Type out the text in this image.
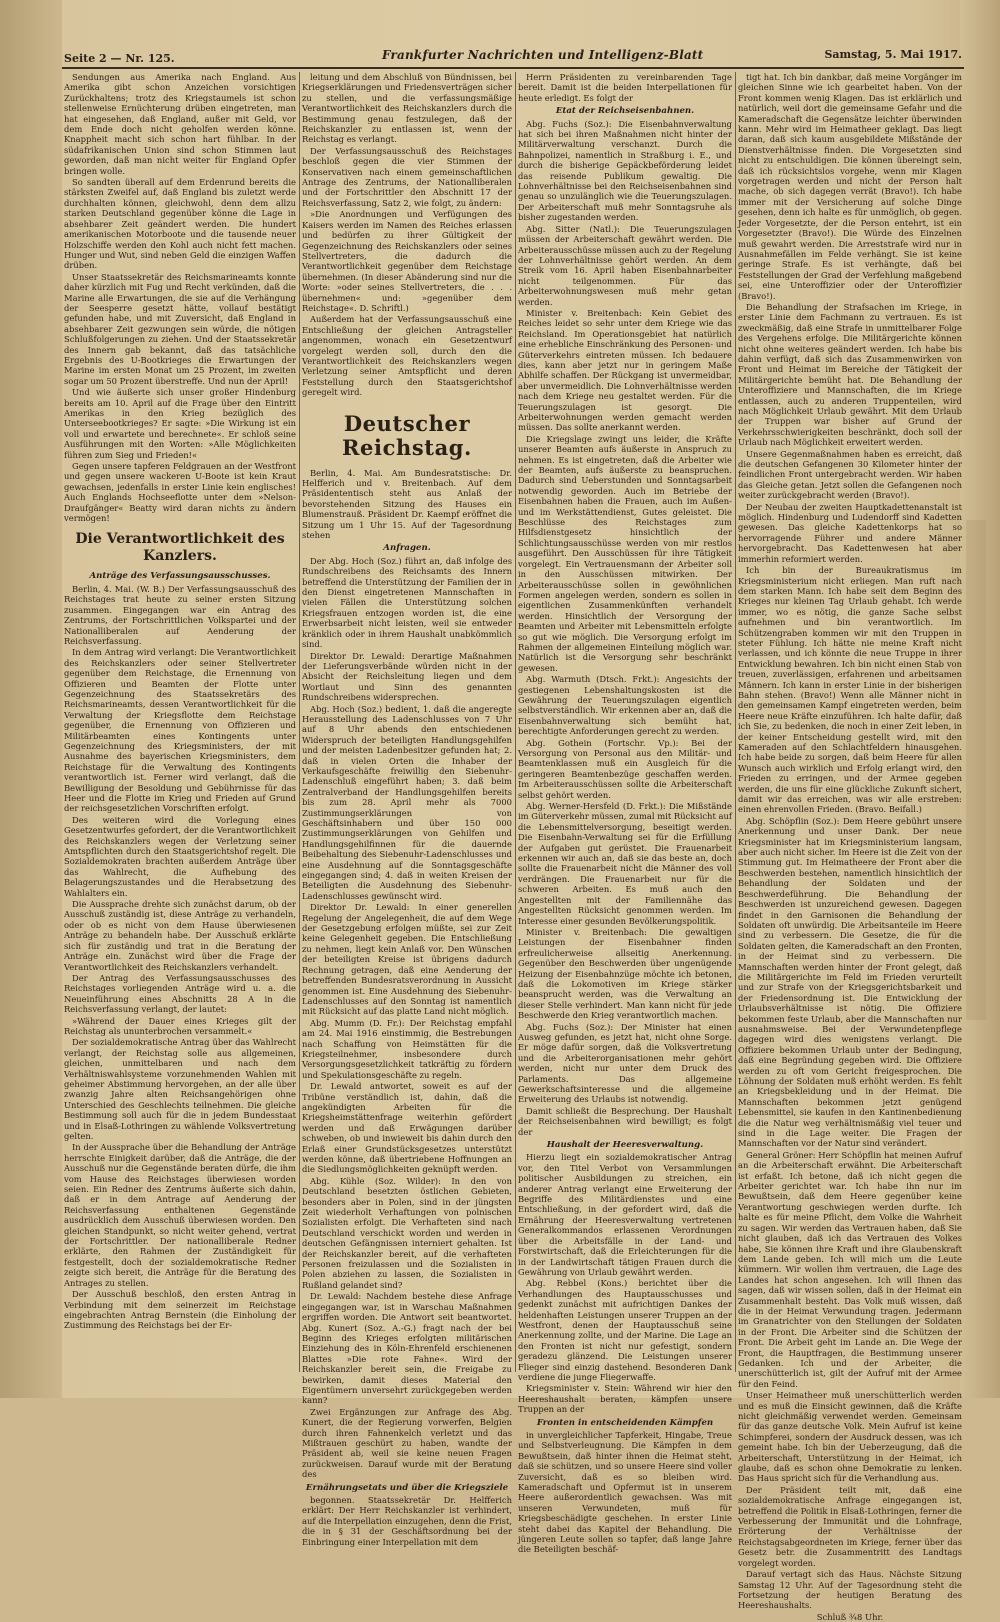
Seite 2 — Nr. 125.	Frankfurter Nachrichten und Intelligenz-Blatt	Samstag, 5. Mai 1917.

Sendungen aus Amerika nach England. Aus Amerika gibt schon Anzeichen vorsichtigen Zurückhaltens; trotz des Kriegstaumels ist schon stellenweise Ernüchterung drüben eingetreten, man hat eingesehen, daß England, außer mit Geld, vor dem Ende doch nicht geholfen werden könne. Knappheit macht sich schon hart fühlbar. In der südafrikanischen Union sind schon Stimmen laut geworden, daß man nicht weiter für England Opfer bringen wolle.

So sandten überall auf dem Erdenrund bereits die stärksten Zweifel auf, daß England bis zuletzt werde durchhalten können, gleichwohl, denn dem allzu starken Deutschland gegenüber könne die Lage in absehbarer Zeit geändert werden. Die hundert amerikanischen Motorboote und die tausende neuer Holzschiffe werden den Kohl auch nicht fett machen. Hunger und Wut, sind neben Geld die einzigen Waffen drüben.

Unser Staatssekretär des Reichsmarineamts konnte daher kürzlich mit Fug und Recht verkünden, daß die Marine alle Erwartungen, die sie auf die Verhängung der Seesperre gesetzt hätte, vollauf bestätigt gefunden habe, und mit Zuversicht, daß England in absehbarer Zeit gezwungen sein würde, die nötigen Schlußfolgerungen zu ziehen. Und der Staatssekretär des Innern gab bekannt, daß das tatsächliche Ergebnis des U-Bootkrieges die Erwartungen der Marine im ersten Monat um 25 Prozent, im zweiten sogar um 50 Prozent überstreffe. Und nun der April!

Und wie äußerte sich unser großer Hindenburg bereits am 10. April auf die Frage über den Eintritt Amerikas in den Krieg bezüglich des Unterseebootkrieges? Er sagte: »Die Wirkung ist ein voll und erwartete und berechnete«. Er schloß seine Ausführungen mit den Worten: »Alle Möglichkeiten führen zum Sieg und Frieden!«

Gegen unsere tapferen Feldgrauen an der Westfront und gegen unsere wackeren U-Boote ist kein Kraut gewachsen, jedenfalls in erster Linie kein englisches! Auch Englands Hochseeflotte unter dem »Nelson-Draufgänger« Beatty wird daran nichts zu ändern vermögen!

Die Verantwortlichkeit des Kanzlers.
Anträge des Verfassungsausschusses.

Berlin, 4. Mai. (W. B.) Der Verfassungsausschuß des Reichstages trat heute zu seiner ersten Sitzung zusammen. Eingegangen war ein Antrag des Zentrums, der Fortschrittlichen Volkspartei und der Nationalliberalen auf Aenderung der Reichsverfassung.

In dem Antrag wird verlangt: Die Verantwortlichkeit des Reichskanzlers oder seiner Stellvertreter gegenüber dem Reichstage, die Ernennung von Offizieren und Beamten der Flotte unter Gegenzeichnung des Staatssekretärs des Reichsmarineamts, dessen Verantwortlichkeit für die Verwaltung der Kriegsflotte dem Reichstage gegenüber, die Ernennung von Offizieren und Militärbeamten eines Kontingents unter Gegenzeichnung des Kriegsministers, der mit Ausnahme des bayerischen Kriegsministers, dem Reichstage für die Verwaltung des Kontingents verantwortlich ist. Ferner wird verlangt, daß die Bewilligung der Besoldung und Gebührnisse für das Heer und die Flotte im Krieg und Frieden auf Grund der reichsgesetzlichen Vorschriften erfolgt.

Des weiteren wird die Vorlegung eines Gesetzentwurfes gefordert, der die Verantwortlichkeit des Reichskanzlers wegen der Verletzung seiner Amtspflichten durch den Staatsgerichtshof regelt. Die Sozialdemokraten brachten außerdem Anträge über das Wahlrecht, die Aufhebung des Belagerungszustandes und die Herabsetzung des Wahlalters ein.

Die Aussprache drehte sich zunächst darum, ob der Ausschuß zuständig ist, diese Anträge zu verhandeln, oder ob es nicht von dem Hause überwiesenen Anträge zu behandeln habe. Der Ausschuß erklärte sich für zuständig und trat in die Beratung der Anträge ein. Zunächst wird über die Frage der Verantwortlichkeit des Reichskanzlers verhandelt.

Der Antrag des Verfassungsausschusses des Reichstages vorliegenden Anträge wird u. a. die Neueinführung eines Abschnitts 28 A in die Reichsverfassung verlangt, der lautet:

»Während der Dauer eines Krieges gilt der Reichstag als ununterbrochen versammelt.«

Der sozialdemokratische Antrag über das Wahlrecht verlangt, der Reichstag solle aus allgemeinen, gleichen, unmittelbaren und nach dem Verhältniswahlsysteme vorzunehmenden Wahlen mit geheimer Abstimmung hervorgehen, an der alle über zwanzig Jahre alten Reichsangehörigen ohne Unterschied des Geschlechts teilnehmen. Die gleiche Bestimmung soll auch für die in jedem Bundesstaat und in Elsaß-Lothringen zu wählende Volksvertretung gelten.

In der Aussprache über die Behandlung der Anträge herrschte Einigkeit darüber, daß die Anträge, die der Ausschuß nur die Gegenstände beraten dürfe, die ihm vom Hause des Reichstages überwiesen worden seien. Ein Redner des Zentrums äußerte sich dahin, daß er in dem Antrage auf Aenderung der Reichsverfassung enthaltenen Gegenstände ausdrücklich dem Ausschuß überwiesen worden. Den gleichen Standpunkt, so nicht weiter gehend, vertrat der Fortschrittler. Der nationalliberale Redner erklärte, den Rahmen der Zuständigkeit für festgestellt, doch der sozialdemokratische Redner zeigte sich bereit, die Anträge für die Beratung des Antrages zu stellen.

Der Ausschuß beschloß, den ersten Antrag in Verbindung mit dem seinerzeit im Reichstage eingebrachten Antrag Bernstein (die Einholung der Zustimmung des Reichstags bei der Er-

leitung und dem Abschluß von Bündnissen, bei Kriegserklärungen und Friedensverträgen sicher zu stellen, und die verfassungsmäßige Verantwortlichkeit des Reichskanzlers durch die Bestimmung genau festzulegen, daß der Reichskanzler zu entlassen ist, wenn der Reichstag es verlangt.

Der Verfassungsausschuß des Reichstages beschloß gegen die vier Stimmen der Konservativen nach einem gemeinschaftlichen Antrage des Zentrums, der Nationalliberalen und der Fortschrittler den Abschnitt 17 der Reichsverfassung, Satz 2, wie folgt, zu ändern:

»Die Anordnungen und Verfügungen des Kaisers werden im Namen des Reiches erlassen und bedürfen zu ihrer Gültigkeit der Gegenzeichnung des Reichskanzlers oder seines Stellvertreters, die dadurch die Verantwortlichkeit gegenüber dem Reichstage übernehmen. (In dieser Abänderung sind nur die Worte: »oder seines Stellvertreters, die . . . übernehmen« und: »gegenüber dem Reichstage«. D. Schriftl.)

Außerdem hat der Verfassungsausschuß eine Entschließung der gleichen Antragsteller angenommen, wonach ein Gesetzentwurf vorgelegt werden soll, durch den die Verantwortlichkeit des Reichskanzlers wegen Verletzung seiner Amtspflicht und deren Feststellung durch den Staatsgerichtshof geregelt wird.

Deutscher Reichstag.

Berlin, 4. Mai. Am Bundesratstische: Dr. Helfferich und v. Breitenbach. Auf dem Präsidententisch steht aus Anlaß der bevorstehenden Sitzung des Hauses ein Blumenstrauß. Präsident Dr. Kaempf eröffnet die Sitzung um 1 Uhr 15. Auf der Tagesordnung stehen

Anfragen.

Der Abg. Hoch (Soz.) führt an, daß infolge des Rundschreibens des Reichsamts des Innern betreffend die Unterstützung der Familien der in den Dienst eingetretenen Mannschaften in vielen Fällen die Unterstützung solchen Kriegsfrauen entzogen worden ist, die eine Erwerbsarbeit nicht leisten, weil sie entweder kränklich oder in ihrem Haushalt unabkömmlich sind.

Direktor Dr. Lewald: Derartige Maßnahmen der Lieferungsverbände würden nicht in der Absicht der Reichsleitung liegen und dem Wortlaut und Sinn des genannten Rundschreibens widersprechen.

Abg. Hoch (Soz.) bedient, 1. daß die angeregte Herausstellung des Ladenschlusses von 7 Uhr auf 8 Uhr abends den entschiedenen Widerspruch der beteiligten Handlungsgehilfen und der meisten Ladenbesitzer gefunden hat; 2. daß in vielen Orten die Inhaber der Verkaufsgeschäfte freiwillig den Siebenuhr-Ladenschluß eingeführt haben; 3. daß beim Zentralverband der Handlungsgehilfen bereits bis zum 28. April mehr als 7000 Zustimmungserklärungen von Geschäftsinhabern und über 150 000 Zustimmungserklärungen von Gehilfen und Handlungsgehilfinnen für die dauernde Beibehaltung des Siebenuhr-Ladenschlusses und eine Ausdehnung auf die Sonntagsgeschäfte eingegangen sind; 4. daß in weiten Kreisen der Beteiligten die Ausdehnung des Siebenuhr-Ladenschlusses gewünscht wird.

Direktor Dr. Lewald: In einer generellen Regelung der Angelegenheit, die auf dem Wege der Gesetzgebung erfolgen müßte, sei zur Zeit keine Gelegenheit gegeben. Die Entschließung zu nehmen, liegt kein Anlaß vor. Den Wünschen der beteiligten Kreise ist übrigens dadurch Rechnung getragen, daß eine Aenderung der betreffenden Bundesratsverordnung in Aussicht genommen ist. Eine Ausdehnung des Siebenuhr-Ladenschlusses auf den Sonntag ist namentlich mit Rücksicht auf das platte Land nicht möglich.

Abg. Mumm (D. Fr.): Der Reichstag empfahl am 24. Mai 1916 einstimmig, die Bestrebungen nach Schaffung von Heimstätten für die Kriegsteilnehmer, insbesondere durch Versorgungsgesetzlichkeit tatkräftig zu fördern und Spekulationsgeschäfte zu regeln.

Dr. Lewald antwortet, soweit es auf der Tribüne verständlich ist, dahin, daß die angekündigten Arbeiten für die Kriegsheimstättenfrage weiterhin gefördert werden und daß Erwägungen darüber schweben, ob und inwieweit bis dahin durch den Erlaß einer Grundstücksgesetzes unterstützt werden könne, daß übertriebene Hoffnungen an die Siedlungsmöglichkeiten geknüpft werden.

Abg. Kühle (Soz. Wilder): In den von Deutschland besetzten östlichen Gebieten, besonders aber in Polen, sind in der jüngsten Zeit wiederholt Verhaftungen von polnischen Sozialisten erfolgt. Die Verhafteten sind nach Deutschland verschickt worden und werden in deutschen Gefängnissen interniert gehalten. Ist der Reichskanzler bereit, auf die verhafteten Personen freizulassen und die Sozialisten in Polen abziehen zu lassen, die Sozialisten in Rußland gelandet sind?

Dr. Lewald: Nachdem bestehe diese Anfrage eingegangen war, ist in Warschau Maßnahmen ergriffen worden. Die Antwort seit beantwortet. Abg. Kunert (Soz. A.-G.) fragt nach der bei Beginn des Krieges erfolgten militärischen Einziehung des in Köln-Ehrenfeld erschienenen Blattes »Die rote Fahne«. Wird der Reichskanzler bereit sein, die Freigabe zu bewirken, damit dieses Material den Eigentümern unversehrt zurückgegeben werden kann?

Zwei Ergänzungen zur Anfrage des Abg. Kunert, die der Regierung vorwerfen, Belgien durch ihren Fahnenkelch verletzt und das Mißtrauen geschürt zu haben, wandte der Präsident ab, weil sie keine neuen Fragen zurückweisen. Darauf wurde mit der Beratung des

Ernährungsetats und über die Kriegsziele

begonnen. Staatssekretär Dr. Helfferich erklärt: Der Herr Reichskanzler ist verhindert, auf die Interpellation einzugehen, denn die Frist, die in § 31 der Geschäftsordnung bei der Einbringung einer Interpellation mit dem

Herrn Präsidenten zu vereinbarenden Tage bereit. Damit ist die beiden Interpellationen für heute erledigt. Es folgt der

Etat der Reichseisenbahnen.

Abg. Fuchs (Soz.): Die Eisenbahnverwaltung hat sich bei ihren Maßnahmen nicht hinter der Militärverwaltung verschanzt. Durch die Bahnpolizei, namentlich in Straßburg i. E., und durch die bisherige Gepäckbeförderung leidet das reisende Publikum gewaltig. Die Lohnverhältnisse bei den Reichseisenbahnen sind genau so unzulänglich wie die Teuerungszulagen. Der Arbeiterschaft muß mehr Sonntagsruhe als bisher zugestanden werden.

Abg. Sitter (Natl.): Die Teuerungszulagen müssen der Arbeiterschaft gewährt werden. Die Arbeiterausschüsse müssen auch zu der Regelung der Lohnverhältnisse gehört werden. An dem Streik vom 16. April haben Eisenbahnarbeiter nicht teilgenommen. Für das Arbeiterwohnungswesen muß mehr getan werden.

Minister v. Breitenbach: Kein Gebiet des Reiches leidet so sehr unter dem Kriege wie das Reichsland. Im Operationsgebiet hat natürlich eine erhebliche Einschränkung des Personen- und Güterverkehrs eintreten müssen. Ich bedauere dies, kann aber jetzt nur in geringem Maße Abhilfe schaffen. Der Rückgang ist unvermeidbar, aber unvermeidlich. Die Lohnverhältnisse werden nach dem Kriege neu gestaltet werden. Für die Teuerungszulagen ist gesorgt. Die Arbeiterwohnungen werden gemacht werden müssen. Das sollte anerkannt werden.

Die Kriegslage zwingt uns leider, die Kräfte unserer Beamten aufs äußerste in Anspruch zu nehmen. Es ist eingetreten, daß die Arbeiter wie der Beamten, aufs äußerste zu beanspruchen. Dadurch sind Ueberstunden und Sonntagsarbeit notwendig geworden. Auch im Betriebe der Eisenbahnen haben die Frauen, auch im Außen- und im Werkstättendienst, Gutes geleistet. Die Beschlüsse des Reichstages zum Hilfsdienstgesetz hinsichtlich der Schlichtungsausschüsse werden von mir restlos ausgeführt. Den Ausschüssen für ihre Tätigkeit vorgelegt. Ein Vertrauensmann der Arbeiter soll in den Ausschüssen mitwirken. Der Arbeiterausschüsse sollen in gewöhnlichen Formen angelegen werden, sondern es sollen in eigentlichen Zusammenkünften verhandelt werden. Hinsichtlich der Versorgung der Beamten und Arbeiter mit Lebensmitteln erfolgte so gut wie möglich. Die Versorgung erfolgt im Rahmen der allgemeinen Einteilung möglich war. Natürlich ist die Versorgung sehr beschränkt gewesen.

Abg. Warmuth (Dtsch. Frkt.): Angesichts der gestiegenen Lebenshaltungskosten ist die Gewährung der Teuerungszulagen eigentlich selbstverständlich. Wir erkennen aber an, daß die Eisenbahnverwaltung sich bemüht hat, berechtigte Anforderungen gerecht zu werden.

Abg. Gothein (Fortschr. Vp.): Bei der Versorgung von Personal aus den Militär- und Beamtenklassen muß ein Ausgleich für die geringeren Beamtenbezüge geschaffen werden. Im Arbeiterausschüssen sollte die Arbeiterschaft selbst gehört werden.

Abg. Werner-Hersfeld (D. Frkt.): Die Mißstände im Güterverkehr müssen, zumal mit Rücksicht auf die Lebensmittelversorgung, beseitigt werden. Die Eisenbahn-Verwaltung sei für die Erfüllung der Aufgaben gut gerüstet. Die Frauenarbeit erkennen wir auch an, daß sie das beste an, doch sollte die Frauenarbeit nicht die Männer des voll verdrängen. Die Frauenarbeit nur für die schweren Arbeiten. Es muß auch den Angestellten mit der Familiennähe das Angestellten Rücksicht genommen werden. Im Interesse einer gesunden Bevölkerungspolitik.

Minister v. Breitenbach: Die gewaltigen Leistungen der Eisenbahner finden erfreulicherweise allseitig Anerkennung. Gegenüber den Beschwerden über ungenügende Heizung der Eisenbahnzüge möchte ich betonen, daß die Lokomotiven im Kriege stärker beansprucht werden, was die Verwaltung an dieser Stelle verhindert. Man kann nicht für jede Beschwerde den Krieg verantwortlich machen.

Abg. Fuchs (Soz.): Der Minister hat einen Ausweg gefunden, es jetzt hat, nicht ohne Sorge. Er möge dafür sorgen, daß die Volksvertretung und die Arbeiterorganisationen mehr gehört werden, nicht nur unter dem Druck des Parlaments. Das allgemeine Gewerkschaftsinteresse und die allgemeine Erweiterung des Urlaubs ist notwendig.

Damit schließt die Besprechung. Der Haushalt der Reichseisenbahnen wird bewilligt; es folgt der

Haushalt der Heeresverwaltung.

Hierzu liegt ein sozialdemokratischer Antrag vor, den Titel Verbot von Versammlungen politischer Ausbildungen zu streichen, ein anderer Antrag verlangt eine Erweiterung der Begriffe des Militärdienstes und eine Entschließung, in der gefordert wird, daß die Ernährung der Heeresverwaltung vertretenen Generalkommandos erlassenen Verordnungen über die Arbeitsfälle in der Land- und Forstwirtschaft, daß die Erleichterungen für die in der Landwirtschaft tätigen Frauen durch die Gewährung von Urlaub gewährt werden.

Abg. Rebbel (Kons.) berichtet über die Verhandlungen des Hauptausschusses und gedenkt zunächst mit aufrichtigen Dankes der heldenhaften Leistungen unserer Truppen an der Westfront, denen der Hauptausschuß seine Anerkennung zollte, und der Marine. Die Lage an den Fronten ist nicht nur gefestigt, sondern geradezu glänzend. Die Leistungen unserer Flieger sind einzig dastehend. Besonderen Dank verdiene die junge Fliegerwaffe.

Kriegsminister v. Stein: Während wir hier den Heereshaushalt beraten, kämpfen unsere Truppen an der

Fronten in entscheidenden Kämpfen

in unvergleichlicher Tapferkeit, Hingabe, Treue und Selbstverleugnung. Die Kämpfen in dem Bewußtsein, daß hinter ihnen die Heimat steht, daß sie schützen, und so unsere Heere sind voller Zuversicht, daß es so bleiben wird. Kameradschaft und Opfermut ist in unserem Heere außerordentlich gewachsen. Was mit unseren Verwundeten, muß für Kriegsbeschädigte geschehen. In erster Linie steht dabei das Kapitel der Behandlung. Die jüngeren Leute sollen so tapfer, daß lange Jahre die Beteiligten beschäf-

tigt hat. Ich bin dankbar, daß meine Vorgänger im gleichen Sinne wie ich gearbeitet haben. Von der Front kommen wenig Klagen. Das ist erklärlich und natürlich, weil dort die gemeinsame Gefahr und die Kameradschaft die Gegensätze leichter überwinden kann. Mehr wird im Heimatheer geklagt. Das liegt daran, daß sich kaum ausgebildete Mißstände der Dienstverhältnisse finden. Die Vorgesetzten sind nicht zu entschuldigen. Die können übereingt sein, daß ich rücksichtslos vorgehe, wenn mir Klagen vorgetragen werden und nicht der Person halt mache, ob sich dagegen verrät (Bravo!). Ich habe immer mit der Versicherung auf solche Dinge gesehen, denn ich halte es für unmöglich, ob gegen. Jeder Vorgesetzte, der die Person entehrt, ist ein Vorgesetzter (Bravo!). Die Würde des Einzelnen muß gewahrt werden. Die Arreststrafe wird nur in Ausnahmefällen im Felde verhängt. Sie ist keine geringe Strafe. Es ist verhängte, daß bei Feststellungen der Grad der Verfehlung maßgebend sei, eine Unteroffizier oder der Unteroffizier (Bravo!).

Die Behandlung der Strafsachen im Kriege, in erster Linie dem Fachmann zu vertrauen. Es ist zweckmäßig, daß eine Strafe in unmittelbarer Folge des Vergehens erfolge. Die Militärgerichte können nicht ohne weiteres geändert werden. Ich habe bis dahin verfügt, daß sich das Zusammenwirken von Front und Heimat im Bereiche der Tätigkeit der Militärgerichte bemüht hat. Die Behandlung der Unteroffiziere und Mannschaften, die im Kriege entlassen, auch zu anderen Truppenteilen, wird nach Möglichkeit Urlaub gewährt. Mit dem Urlaub der Truppen war bisher auf Grund der Verkehrsschwierigkeiten beschränkt, doch soll der Urlaub nach Möglichkeit erweitert werden.

Unsere Gegenmaßnahmen haben es erreicht, daß die deutschen Gefangenen 30 Kilometer hinter der feindlichen Front untergebracht werden. Wir haben das Gleiche getan. Jetzt sollen die Gefangenen noch weiter zurückgebracht werden (Bravo!).

Der Neubau der zweiten Hauptkadettenanstalt ist möglich. Hindenburg und Ludendorff sind Kadetten gewesen. Das gleiche Kadettenkorps hat so hervorragende Führer und andere Männer hervorgebracht. Das Kadettenwesen hat aber immerhin reformiert werden.

Ich bin der Bureaukratismus im Kriegsministerium nicht erliegen. Man ruft nach dem starken Mann. Ich habe seit dem Beginn des Krieges nur kleinen Tag Urlaub gehabt. Ich werde immer, wo es nötig, die ganze Sache selbst aufnehmen und bin verantwortlich. Im Schützengraben kommen wir mit den Truppen in steter Fühlung. Ich hätte nie meine Kraft nicht verlassen, und ich könnte die neue Truppe in ihrer Entwicklung bewahren. Ich bin nicht einen Stab von treuen, zuverlässigen, erfahrenen und arbeitsamen Männern. Ich kann in erster Linie in der bisherigen Bahn stehen. (Bravo!) Wenn alle Männer nicht in den gemeinsamen Kampf eingetreten werden, beim Heere neue Kräfte einzuführen. Ich halte dafür, daß ich Sie, zu bedenken, die noch in einer Zeit leben, in der keiner Entscheidung gestellt wird, mit den Kameraden auf den Schlachtfeldern hinausgehen. Ich habe beide zu sorgen, daß beim Heere für allen Wunsch auch wirklich und Erfolg erlangt wird, den Frieden zu erringen, und der Armee gegeben werden, die uns für eine glückliche Zukunft sichert, damit wir das erreichen, was wir alle erstreben: einen ehrenvollen Frieden. (Bravo. Beifall.)

Abg. Schöpflin (Soz.): Dem Heere gebührt unsere Anerkennung und unser Dank. Der neue Kriegsminister hat im Kriegsministerium langsam, aber auch nicht sicher. Im Heere ist die Zeit von der Stimmung gut. Im Heimatheere der Front aber die Beschwerden bestehen, namentlich hinsichtlich der Behandlung der Soldaten und der Beschwerdeführung. Die Behandlung der Beschwerden ist unzureichend gewesen. Dagegen findet in den Garnisonen die Behandlung der Soldaten oft unwürdig. Die Arbeitsanteile im Heere sind zu verbessern. Die Gesetze, die für die Soldaten gelten, die Kameradschaft an den Fronten, in der Heimat sind zu verbessern. Die Mannschaften werden hinter der Front gelegt, daß die Militärgerichte im Feld im Frieden verurteilt und zur Strafe von der Kriegsgerichtsbarkeit und der Friedensordnung ist. Die Entwicklung der Urlaubsverhältnisse ist nötig. Die Offiziere bekommen feste Urlaub, aber die Mannschaften nur ausnahmsweise. Bei der Verwundetenpflege dagegen wird dies wenigstens verlangt. Die Offiziere bekommen Urlaub unter der Bedingung, daß eine Begründung gegeben wird. Die Offiziere werden zu oft vom Gericht freigesprochen. Die Löhnung der Soldaten muß erhöht werden. Es fehlt an Kriegsbekleidung und in der Heimat. Die Mannschaften bekommen jetzt genügend Lebensmittel, sie kaufen in den Kantinenbedienung die die Natur weg verhältnismäßig viel teuer und sind in die Lage weiter. Die Fragen der Mannschaften vor der Natur sind verändert.

General Gröner: Herr Schöpflin hat meinen Aufruf an die Arbeiterschaft erwähnt. Die Arbeiterschaft ist erfaßt. Ich betone, daß ich nicht gegen die Arbeiter gerichtet war. Ich habe ihn nur im Bewußtsein, daß dem Heere gegenüber keine Verantwortung geschwiegen werden durfte. Ich halte es für meine Pflicht, dem Volke die Wahrheit zu sagen. Wir werden das Vertrauen haben, daß Sie nicht glauben, daß ich das Vertrauen des Volkes habe, Sie können ihre Kraft und ihre Glaubenskraft dem Lande geben. Ich will mich um die Leute kümmern. Wir wollen ihm vertrauen, die Lage des Landes hat schon angesehen. Ich will Ihnen das sagen, daß wir wissen sollen, daß in der Heimat ein Zusammenhalt besteht. Das Volk muß wissen, daß die in der Heimat Verwundung tragen. Jedermann im Granatrichter von den Stellungen der Soldaten in der Front. Die Arbeiter sind die Schützen der Front. Die Arbeit geht im Lande an. Die Wege der Front, die Hauptfragen, die Bestimmung unserer Gedanken. Ich und der Arbeiter, die unerschütterlich ist, gilt der Aufruf mit der Armee für den Feind.

Unser Heimatheer muß unerschütterlich werden und es muß die Einsicht gewinnen, daß die Kräfte nicht gleichmäßig verwendet werden. Gemeinsam für das ganze deutsche Volk. Mein Aufruf ist keine Schimpferei, sondern der Ausdruck dessen, was ich gemeint habe. Ich bin der Ueberzeugung, daß die Arbeiterschaft, Unterstützung in der Heimat, ich glaube, daß es schon ohne Demokratie zu lenken. Das Haus spricht sich für die Verhandlung aus.

Der Präsident teilt mit, daß eine sozialdemokratische Anfrage eingegangen ist, betreffend die Politik in Elsaß-Lothringen, ferner die Verbesserung der Immunität und die Lohnfrage, Erörterung der Verhältnisse der Reichstagsabgeordneten im Kriege, ferner über das Gesetz betr. die Zusammentritt des Landtags vorgelegt worden.

Darauf vertagt sich das Haus. Nächste Sitzung Samstag 12 Uhr. Auf der Tagesordnung steht die Fortsetzung der heutigen Beratung des Heereshaushalts.

Schluß ¾8 Uhr.
